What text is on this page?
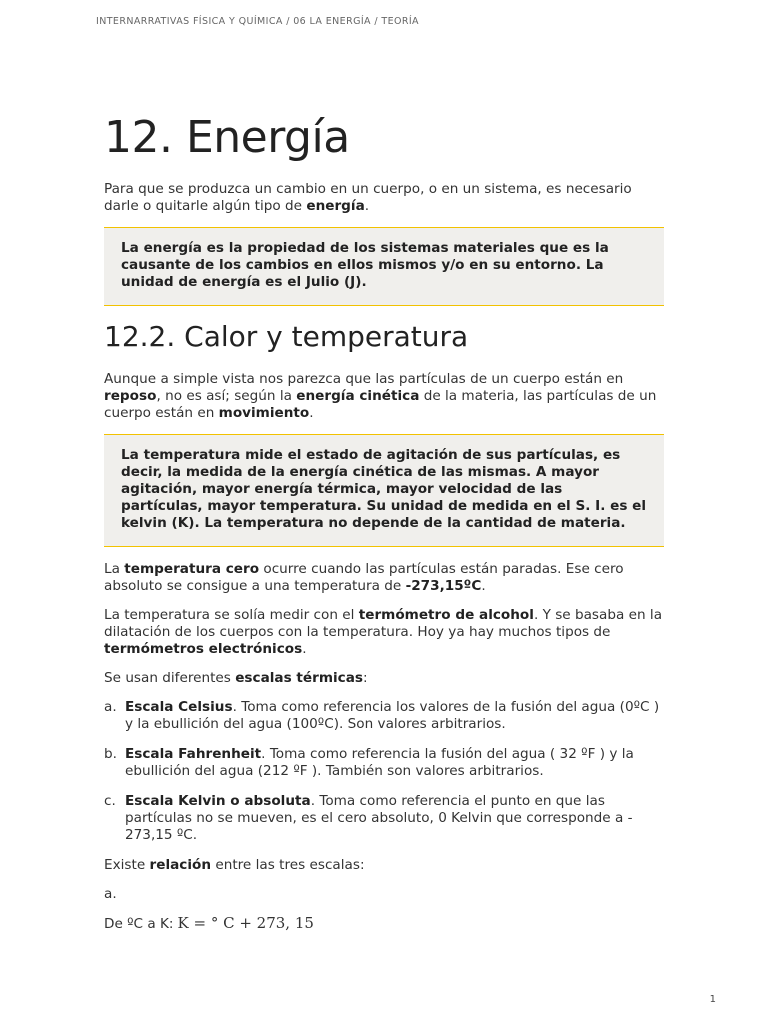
INTERNARRATIVAS FÍSICA Y QUÍMICA / 06 LA ENERGÍA / TEORÍA
12. Energía

Para que se produzca un cambio en un cuerpo, o en un sistema, es necesario darle o quitarle algún tipo de energía.

La energía es la propiedad de los sistemas materiales que es la causante de los cambios en ellos mismos y/o en su entorno. La unidad de energía es el Julio (J).
12.2. Calor y temperatura

Aunque a simple vista nos parezca que las partículas de un cuerpo están en reposo, no es así; según la energía cinética de la materia, las partículas de un cuerpo están en movimiento.

La temperatura mide el estado de agitación de sus partículas, es decir, la medida de la energía cinética de las mismas. A mayor agitación, mayor energía térmica, mayor velocidad de las partículas, mayor temperatura. Su unidad de medida en el S. I. es el kelvin (K). La temperatura no depende de la cantidad de materia.

La temperatura cero ocurre cuando las partículas están paradas. Ese cero absoluto se consigue a una temperatura de -273,15ºC.

La temperatura se solía medir con el termómetro de alcohol. Y se basaba en la dilatación de los cuerpos con la temperatura. Hoy ya hay muchos tipos de termómetros electrónicos.

Se usan diferentes escalas térmicas:

a. Escala Celsius. Toma como referencia los valores de la fusión del agua (0ºC ) y la ebullición del agua (100ºC). Son valores arbitrarios.
b. Escala Fahrenheit. Toma como referencia la fusión del agua ( 32 ºF ) y la ebullición del agua (212 ºF ). También son valores arbitrarios.
c. Escala Kelvin o absoluta. Toma como referencia el punto en que las partículas no se mueven, es el cero absoluto, 0 Kelvin que corresponde a - 273,15 ºC.

Existe relación entre las tres escalas:

a.

De ºC a K: K = ° C + 273, 15
1
